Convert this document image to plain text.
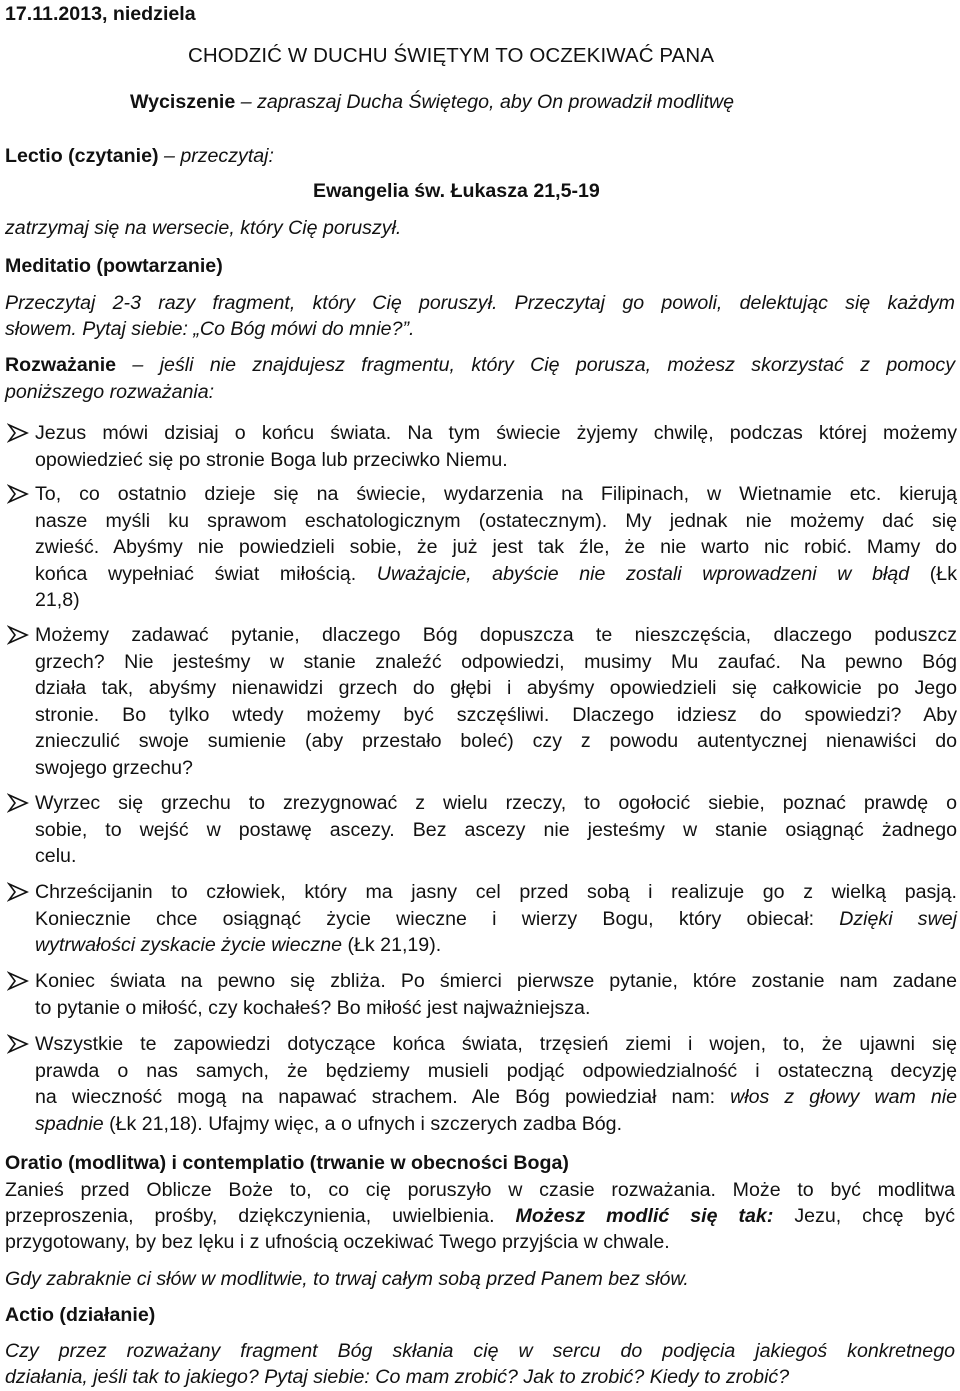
17.11.2013, niedziela
CHODZIĆ W DUCHU ŚWIĘTYM TO OCZEKIWAĆ PANA
Wyciszenie – zapraszaj Ducha Świętego, aby On prowadził modlitwę
Lectio (czytanie) – przeczytaj:
Ewangelia św. Łukasza 21,5-19
zatrzymaj się na wersecie, który Cię poruszył.
Meditatio (powtarzanie)
Przeczytaj 2-3 razy fragment, który Cię poruszył. Przeczytaj go powoli, delektując się każdym
słowem. Pytaj siebie: „Co Bóg mówi do mnie?”.
Rozważanie – jeśli nie znajdujesz fragmentu, który Cię porusza, możesz skorzystać z pomocy
poniższego rozważania:
Jezus mówi dzisiaj o końcu świata. Na tym świecie żyjemy chwilę, podczas której możemy
opowiedzieć się po stronie Boga lub przeciwko Niemu.
To, co ostatnio dzieje się na świecie, wydarzenia na Filipinach, w Wietnamie etc. kierują
nasze myśli ku sprawom eschatologicznym (ostatecznym). My jednak nie możemy dać się
zwieść. Abyśmy nie powiedzieli sobie, że już jest tak źle, że nie warto nic robić. Mamy do
końca wypełniać świat miłością. Uważajcie, abyście nie zostali wprowadzeni w błąd (Łk
21,8)
Możemy zadawać pytanie, dlaczego Bóg dopuszcza te nieszczęścia, dlaczego poduszcz
grzech? Nie jesteśmy w stanie znaleźć odpowiedzi, musimy Mu zaufać. Na pewno Bóg
działa tak, abyśmy nienawidzi grzech do głębi i abyśmy opowiedzieli się całkowicie po Jego
stronie. Bo tylko wtedy możemy być szczęśliwi. Dlaczego idziesz do spowiedzi? Aby
znieczulić swoje sumienie (aby przestało boleć) czy z powodu autentycznej nienawiści do
swojego grzechu?
Wyrzec się grzechu to zrezygnować z wielu rzeczy, to ogołocić siebie, poznać prawdę o
sobie, to wejść w postawę ascezy. Bez ascezy nie jesteśmy w stanie osiągnąć żadnego
celu.
Chrześcijanin to człowiek, który ma jasny cel przed sobą i realizuje go z wielką pasją.
Koniecznie chce osiągnąć życie wieczne i wierzy Bogu, który obiecał: Dzięki swej
wytrwałości zyskacie życie wieczne (Łk 21,19).
Koniec świata na pewno się zbliża. Po śmierci pierwsze pytanie, które zostanie nam zadane
to pytanie o miłość, czy kochałeś? Bo miłość jest najważniejsza.
Wszystkie te zapowiedzi dotyczące końca świata, trzęsień ziemi i wojen, to, że ujawni się
prawda o nas samych, że będziemy musieli podjąć odpowiedzialność i ostateczną decyzję
na wieczność mogą na napawać strachem. Ale Bóg powiedział nam: włos z głowy wam nie
spadnie (Łk 21,18). Ufajmy więc, a o ufnych i szczerych zadba Bóg.
Oratio (modlitwa) i contemplatio (trwanie w obecności Boga)
Zanieś przed Oblicze Boże to, co cię poruszyło w czasie rozważania. Może to być modlitwa
przeproszenia, prośby, dziękczynienia, uwielbienia. Możesz modlić się tak: Jezu, chcę być
przygotowany, by bez lęku i z ufnością oczekiwać Twego przyjścia w chwale.
Gdy zabraknie ci słów w modlitwie, to trwaj całym sobą przed Panem bez słów.
Actio (działanie)
Czy przez rozważany fragment Bóg skłania cię w sercu do podjęcia jakiegoś konkretnego
działania, jeśli tak to jakiego? Pytaj siebie: Co mam zrobić? Jak to zrobić? Kiedy to zrobić?
